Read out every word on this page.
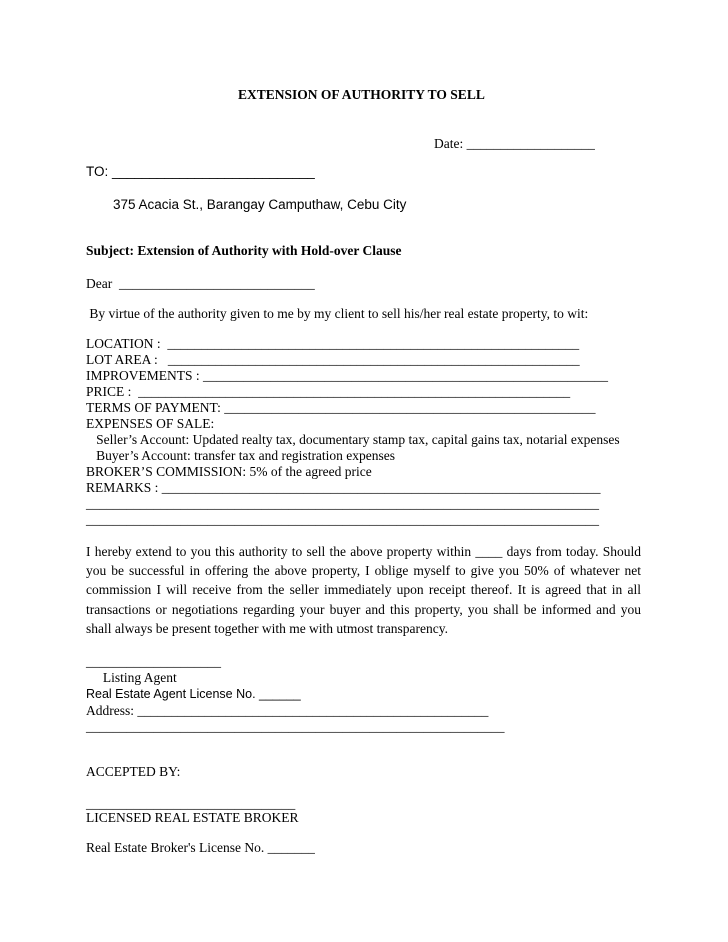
EXTENSION OF AUTHORITY TO SELL
Date: ___________________
TO: ___________________________
375 Acacia St., Barangay Camputhaw, Cebu City
Subject: Extension of Authority with Hold-over Clause
Dear  _____________________________
By virtue of the authority given to me by my client to sell his/her real estate property, to wit:
LOCATION :  _____________________________________________________________
LOT AREA :   _____________________________________________________________
IMPROVEMENTS : ____________________________________________________________
PRICE :  ________________________________________________________________
TERMS OF PAYMENT: _______________________________________________________
EXPENSES OF SALE:
Seller’s Account: Updated realty tax, documentary stamp tax, capital gains tax, notarial expenses
Buyer’s Account: transfer tax and registration expenses
BROKER’S COMMISSION: 5% of the agreed price
REMARKS : _________________________________________________________________
____________________________________________________________________________
____________________________________________________________________________
I hereby extend to you this authority to sell the above property within ____ days from today. Should you be successful in offering the above property, I oblige myself to give you 50% of whatever net commission I will receive from the seller immediately upon receipt thereof. It is agreed that in all transactions or negotiations regarding your buyer and this property, you shall be informed and you shall always be present together with me with utmost transparency.
____________________
Listing Agent
Real Estate Agent License No. ______
Address: ____________________________________________________
______________________________________________________________
ACCEPTED BY:
_______________________________
LICENSED REAL ESTATE BROKER
Real Estate Broker's License No. _______
